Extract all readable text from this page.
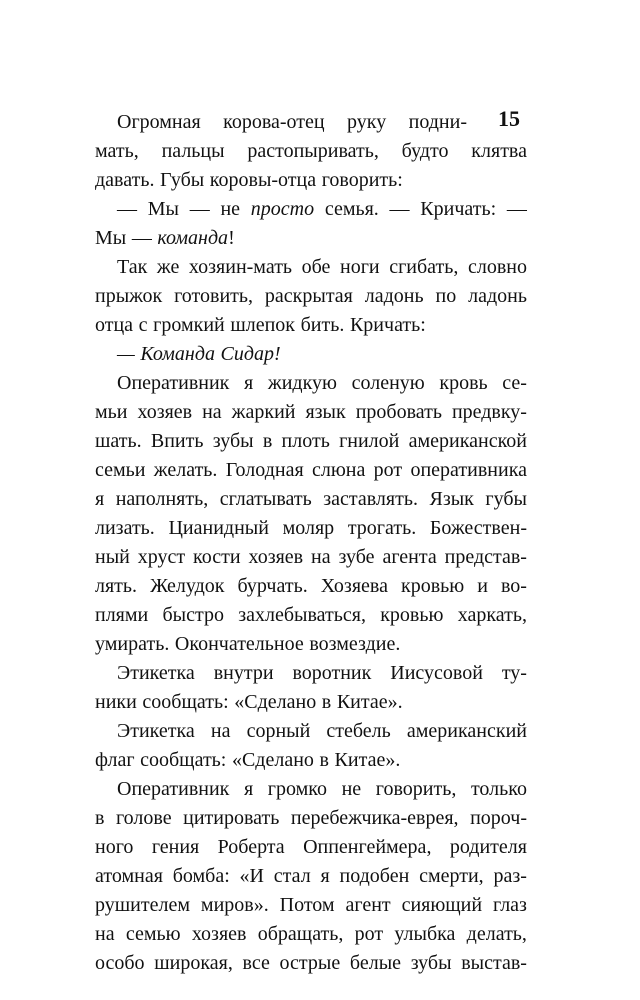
15
Огромная корова-отец руку подни-
мать, пальцы растопыривать, будто клятва
давать. Губы коровы-отца говорить:
— Мы — не просто семья. — Кричать: —
Мы — команда!
Так же хозяин-мать обе ноги сгибать, словно
прыжок готовить, раскрытая ладонь по ладонь
отца с громкий шлепок бить. Кричать:
— Команда Сидар!
Оперативник я жидкую соленую кровь се-
мьи хозяев на жаркий язык пробовать предвку-
шать. Впить зубы в плоть гнилой американской
семьи желать. Голодная слюна рот оперативника
я наполнять, сглатывать заставлять. Язык губы
лизать. Цианидный моляр трогать. Божествен-
ный хруст кости хозяев на зубе агента представ-
лять. Желудок бурчать. Хозяева кровью и во-
плями быстро захлебываться, кровью харкать,
умирать. Окончательное возмездие.
Этикетка внутри воротник Иисусовой ту-
ники сообщать: «Сделано в Китае».
Этикетка на сорный стебель американский
флаг сообщать: «Сделано в Китае».
Оперативник я громко не говорить, только
в голове цитировать перебежчика-еврея, пороч-
ного гения Роберта Оппенгеймера, родителя
атомная бомба: «И стал я подобен смерти, раз-
рушителем миров». Потом агент сияющий глаз
на семью хозяев обращать, рот улыбка делать,
особо широкая, все острые белые зубы выстав-
